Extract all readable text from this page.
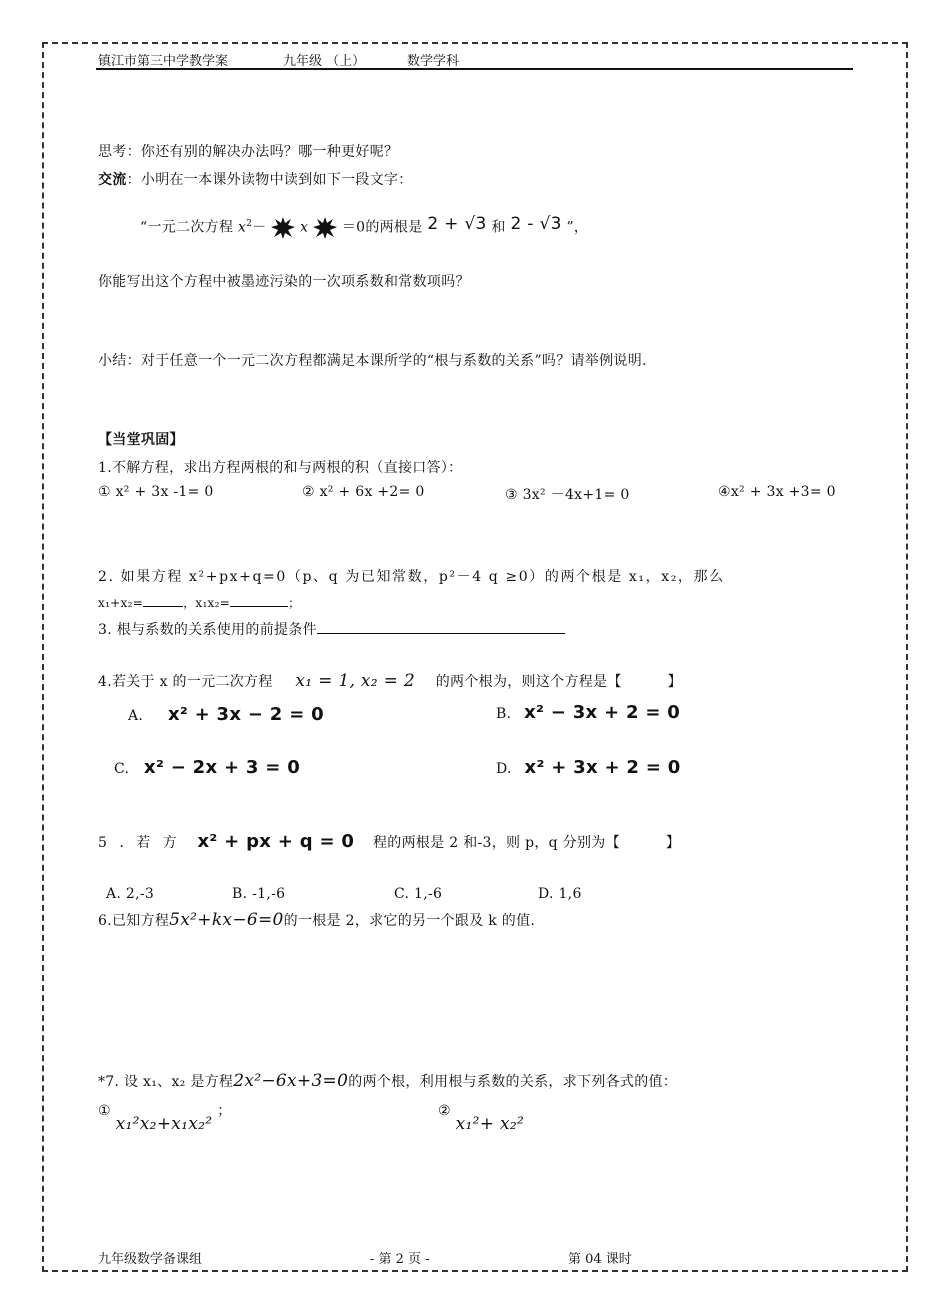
镇江市第三中学教学案	九年级 （上）	数学学科
思考：你还有别的解决办法吗？哪一种更好呢？
交流：小明在一本课外读物中读到如下一段文字：
“一元二次方程 $x^2- x =0$的两根是 2 + √3 和 2 - √3 ”，
你能写出这个方程中被墨迹污染的一次项系数和常数项吗？
小结：对于任意一个一元二次方程都满足本课所学的“根与系数的关系”吗？请举例说明.
【当堂巩固】
1.不解方程，求出方程两根的和与两根的积（直接口答）：
① x² + 3x -1= 0	② x² + 6x +2= 0	③ 3x² －4x+1= 0	④x² + 3x +3= 0
2. 如果方程 x²+px+q=0（p、q 为已知常数，p²－4 q ≥0）的两个根是 x₁，x₂，那么
x₁+x₂=	，x₁x₂=	；
3. 根与系数的关系使用的前提条件
4.若关于 x 的一元二次方程 x₁ = 1, x₂ = 2 的两个根为，则这个方程是【	】
A. x² + 3x − 2 = 0	B. x² − 3x + 2 = 0
C. x² − 2x + 3 = 0	D. x² + 3x + 2 = 0
5 . 若 方 x² + px + q = 0 程的两根是 2 和-3，则 p，q 分别为【	】
A. 2,-3	B. -1,-6	C. 1,-6	D. 1,6
6.已知方程5x²+kx−6=0的一根是 2，求它的另一个跟及 k 的值.
*7. 设 x₁、x₂ 是方程2x²−6x+3=0的两个根，利用根与系数的关系，求下列各式的值：
① x₁²x₂+x₁x₂² ；	② x₁²+ x₂²
九年级数学备课组	- 第 2 页 -	第 04 课时
